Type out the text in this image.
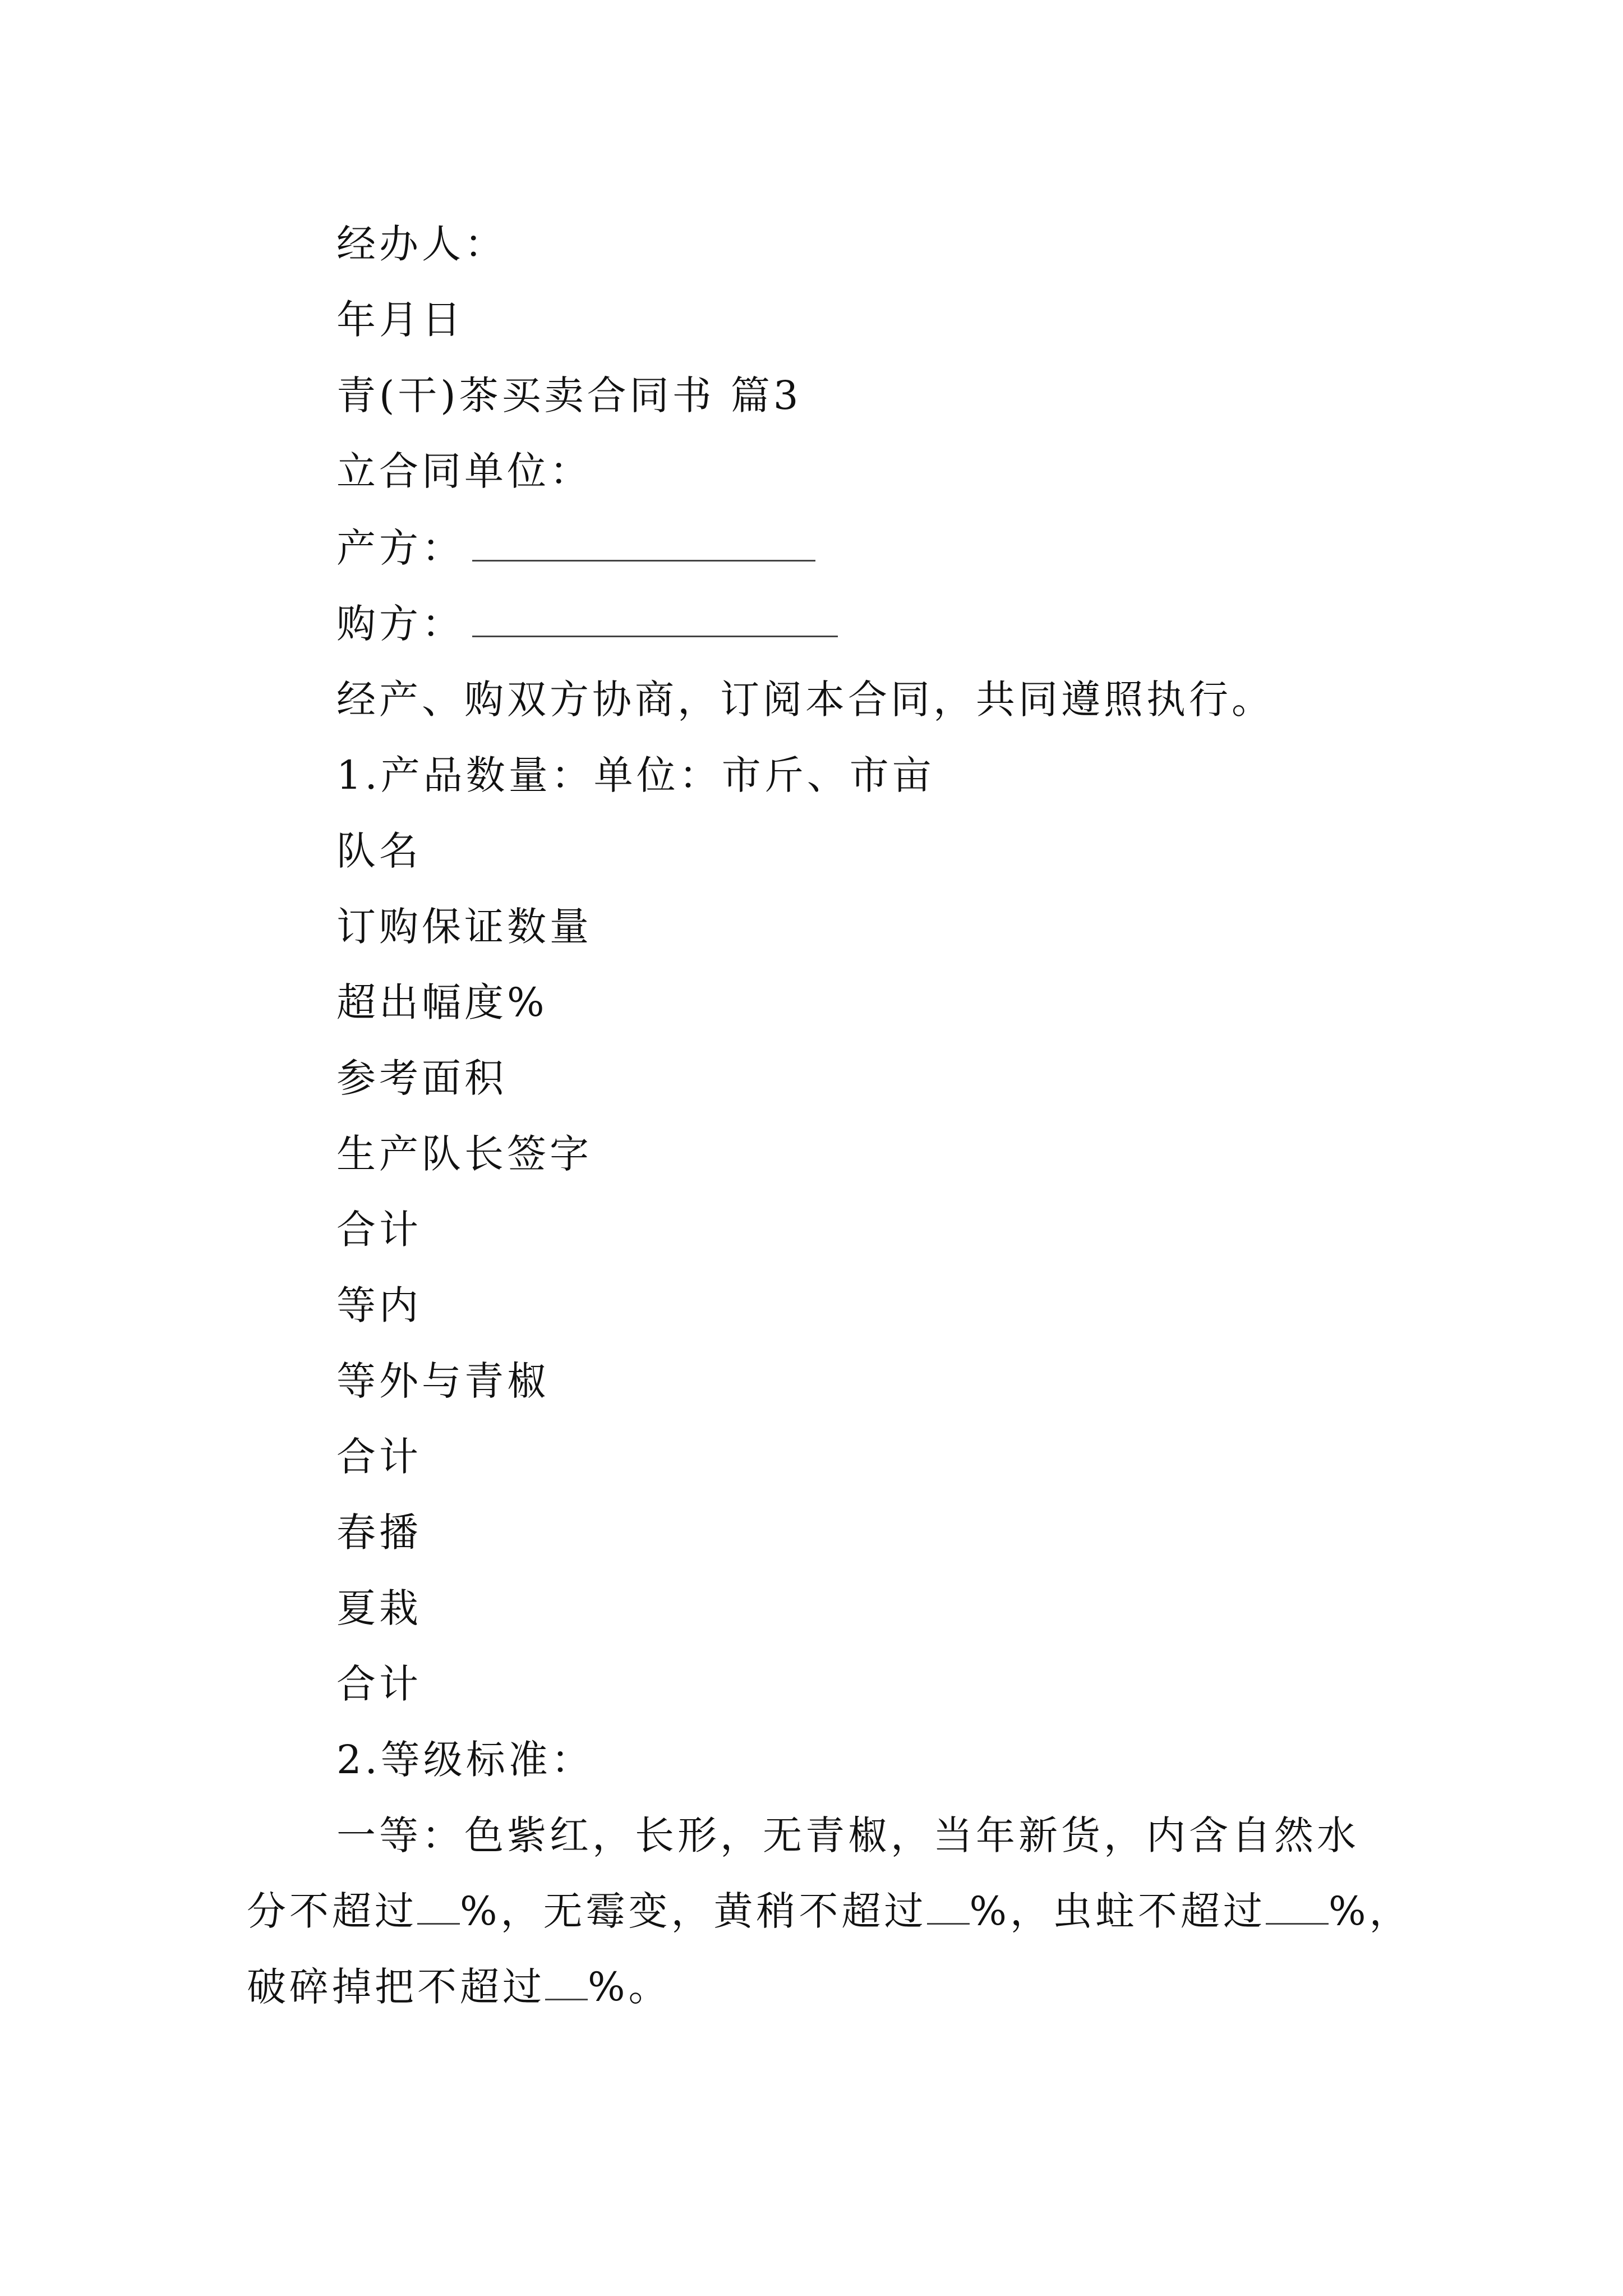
经办人：
年月日
青(干)茶买卖合同书 篇3
立合同单位：
产方：
购方：
经产、购双方协商，订阅本合同，共同遵照执行。
1.产品数量：单位：市斤、市亩
队名
订购保证数量
超出幅度%
参考面积
生产队长签字
合计
等内
等外与青椒
合计
春播
夏栽
合计
2.等级标准：
一等：色紫红，长形，无青椒，当年新货，内含自然水
分不超过 %，无霉变，黄稍不超过 %，虫蛀不超过 %，
破碎掉把不超过 %。
